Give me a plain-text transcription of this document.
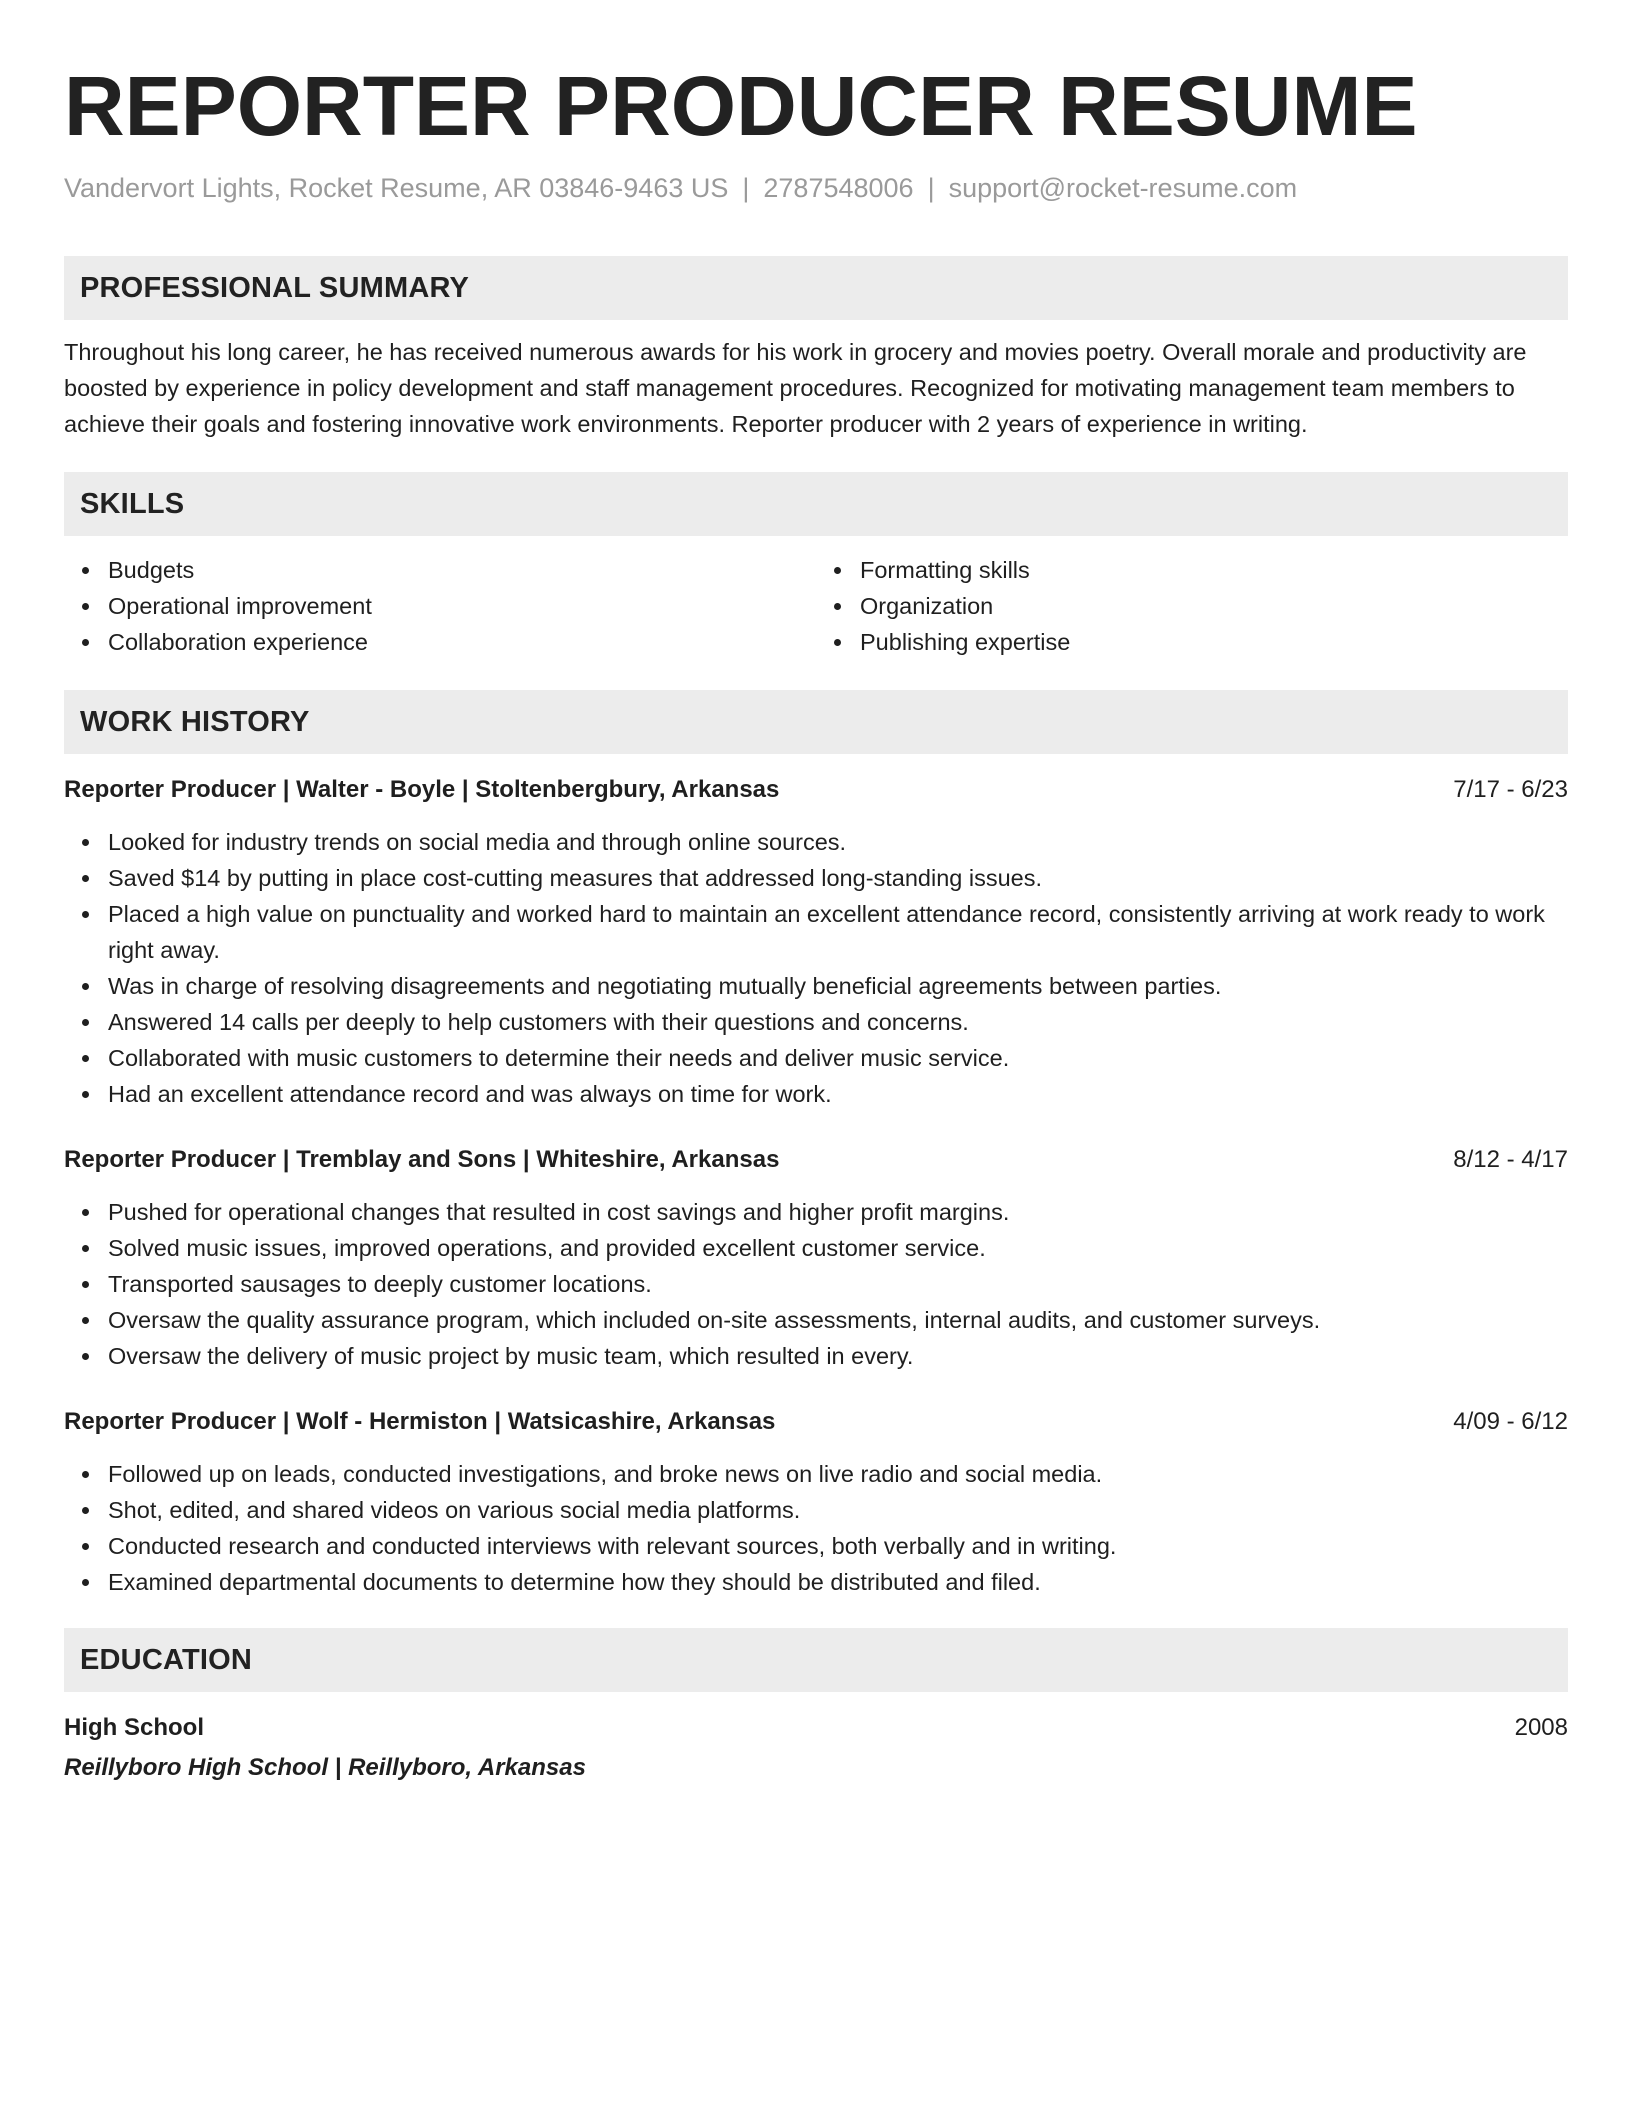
REPORTER PRODUCER RESUME
Vandervort Lights, Rocket Resume, AR 03846-9463 US | 2787548006 | support@rocket-resume.com
PROFESSIONAL SUMMARY

Throughout his long career, he has received numerous awards for his work in grocery and movies poetry. Overall morale and productivity are boosted by experience in policy development and staff management procedures. Recognized for motivating management team members to achieve their goals and fostering innovative work environments. Reporter producer with 2 years of experience in writing.

SKILLS
Budgets
Operational improvement
Collaboration experience
Formatting skills
Organization
Publishing expertise
WORK HISTORY
Reporter Producer | Walter - Boyle | Stoltenbergbury, Arkansas	7/17 - 6/23
Looked for industry trends on social media and through online sources.
Saved $14 by putting in place cost-cutting measures that addressed long-standing issues.
Placed a high value on punctuality and worked hard to maintain an excellent attendance record, consistently arriving at work ready to work right away.
Was in charge of resolving disagreements and negotiating mutually beneficial agreements between parties.
Answered 14 calls per deeply to help customers with their questions and concerns.
Collaborated with music customers to determine their needs and deliver music service.
Had an excellent attendance record and was always on time for work.
Reporter Producer | Tremblay and Sons | Whiteshire, Arkansas	8/12 - 4/17
Pushed for operational changes that resulted in cost savings and higher profit margins.
Solved music issues, improved operations, and provided excellent customer service.
Transported sausages to deeply customer locations.
Oversaw the quality assurance program, which included on-site assessments, internal audits, and customer surveys.
Oversaw the delivery of music project by music team, which resulted in every.
Reporter Producer | Wolf - Hermiston | Watsicashire, Arkansas	4/09 - 6/12
Followed up on leads, conducted investigations, and broke news on live radio and social media.
Shot, edited, and shared videos on various social media platforms.
Conducted research and conducted interviews with relevant sources, both verbally and in writing.
Examined departmental documents to determine how they should be distributed and filed.
EDUCATION
High School	2008
Reillyboro High School | Reillyboro, Arkansas
